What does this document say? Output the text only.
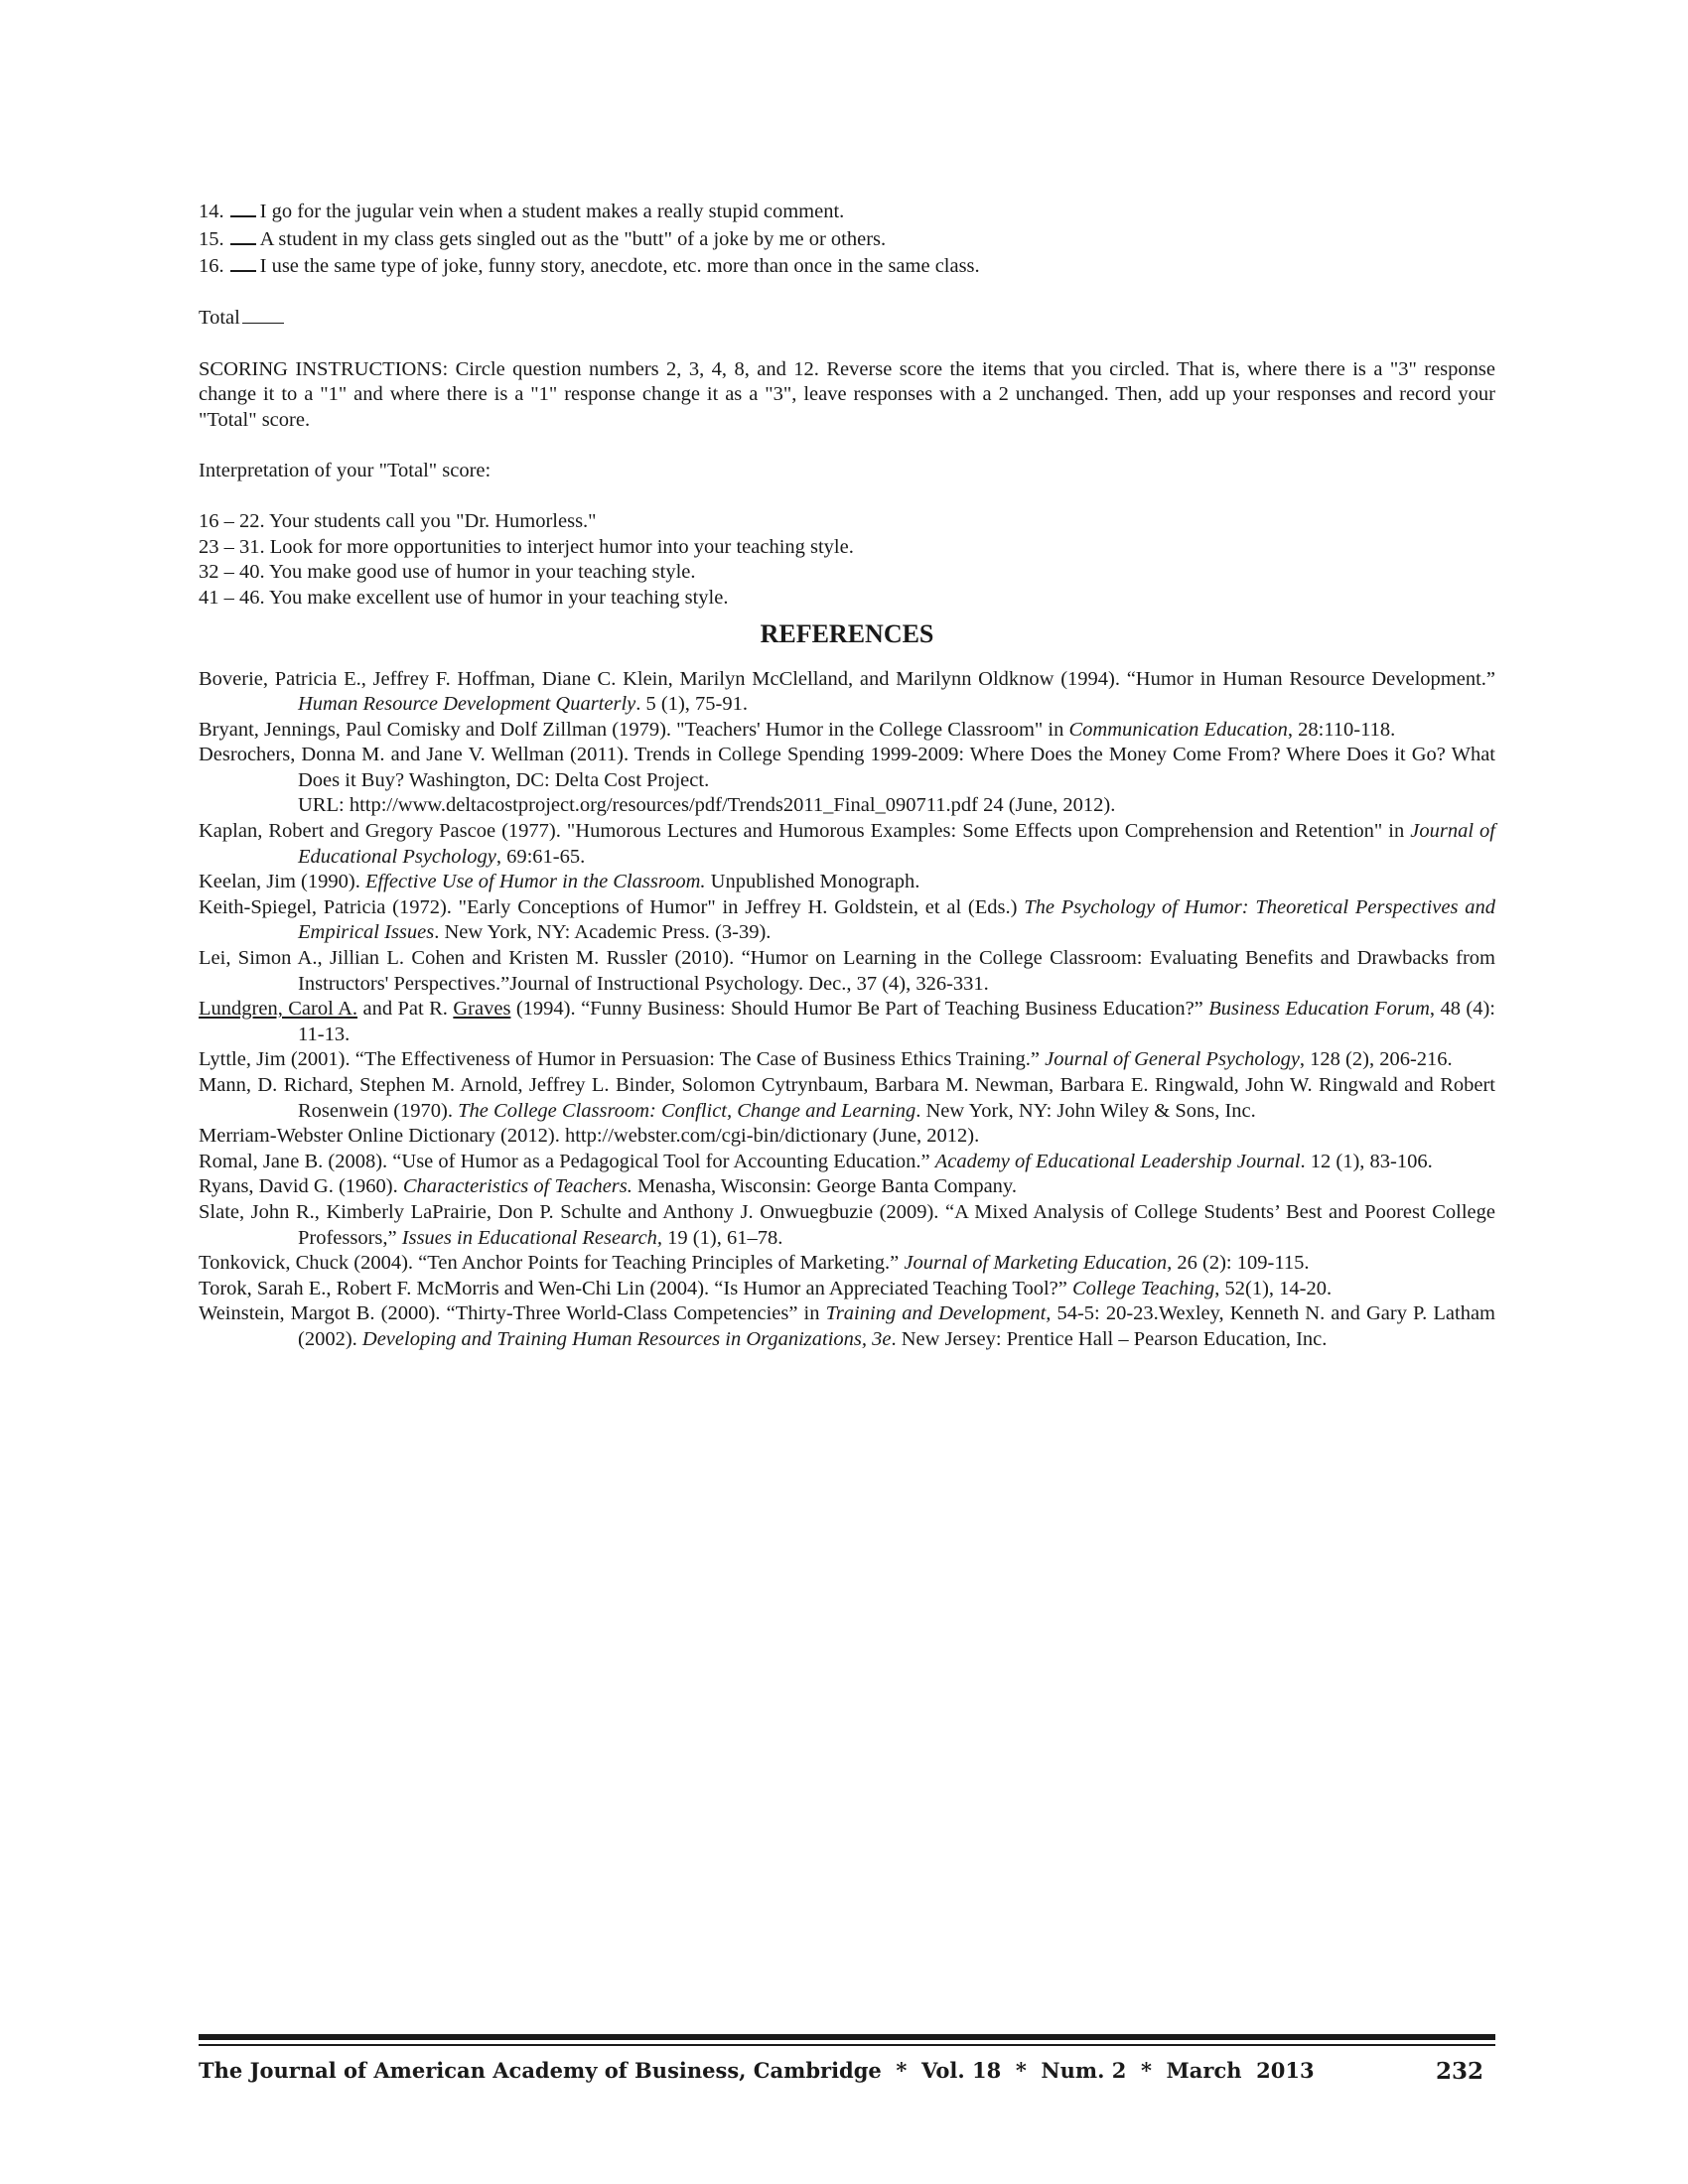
14. I go for the jugular vein when a student makes a really stupid comment.

15. A student in my class gets singled out as the "butt" of a joke by me or others.

16. I use the same type of joke, funny story, anecdote, etc. more than once in the same class.

Total

SCORING INSTRUCTIONS: Circle question numbers 2, 3, 4, 8, and 12. Reverse score the items that you circled. That is, where there is a "3" response change it to a "1" and where there is a "1" response change it as a "3", leave responses with a 2 unchanged. Then, add up your responses and record your "Total" score.

Interpretation of your "Total" score:

16 – 22. Your students call you "Dr. Humorless."

23 – 31. Look for more opportunities to interject humor into your teaching style.

32 – 40. You make good use of humor in your teaching style.

41 – 46. You make excellent use of humor in your teaching style.

REFERENCES

Boverie, Patricia E., Jeffrey F. Hoffman, Diane C. Klein, Marilyn McClelland, and Marilynn Oldknow (1994). “Humor in Human Resource Development.” Human Resource Development Quarterly. 5 (1), 75-91.

Bryant, Jennings, Paul Comisky and Dolf Zillman (1979). "Teachers' Humor in the College Classroom" in Communication Education, 28:110-118.

Desrochers, Donna M. and Jane V. Wellman (2011). Trends in College Spending 1999-2009: Where Does the Money Come From? Where Does it Go? What Does it Buy? Washington, DC: Delta Cost Project.
URL: http://www.deltacostproject.org/resources/pdf/Trends2011_Final_090711.pdf 24 (June, 2012).

Kaplan, Robert and Gregory Pascoe (1977). "Humorous Lectures and Humorous Examples: Some Effects upon Comprehension and Retention" in Journal of Educational Psychology, 69:61-65.

Keelan, Jim (1990). Effective Use of Humor in the Classroom. Unpublished Monograph.

Keith-Spiegel, Patricia (1972). "Early Conceptions of Humor" in Jeffrey H. Goldstein, et al (Eds.) The Psychology of Humor: Theoretical Perspectives and Empirical Issues. New York, NY: Academic Press. (3-39).

Lei, Simon A., Jillian L. Cohen and Kristen M. Russler (2010). “Humor on Learning in the College Classroom: Evaluating Benefits and Drawbacks from Instructors' Perspectives.”Journal of Instructional Psychology. Dec., 37 (4), 326-331.

Lundgren, Carol A. and Pat R. Graves (1994). “Funny Business: Should Humor Be Part of Teaching Business Education?” Business Education Forum, 48 (4): 11-13.

Lyttle, Jim (2001). “The Effectiveness of Humor in Persuasion: The Case of Business Ethics Training.” Journal of General Psychology, 128 (2), 206-216.

Mann, D. Richard, Stephen M. Arnold, Jeffrey L. Binder, Solomon Cytrynbaum, Barbara M. Newman, Barbara E. Ringwald, John W. Ringwald and Robert Rosenwein (1970). The College Classroom: Conflict, Change and Learning. New York, NY: John Wiley & Sons, Inc.

Merriam-Webster Online Dictionary (2012). http://webster.com/cgi-bin/dictionary (June, 2012).

Romal, Jane B. (2008). “Use of Humor as a Pedagogical Tool for Accounting Education.” Academy of Educational Leadership Journal. 12 (1), 83-106.

Ryans, David G. (1960). Characteristics of Teachers. Menasha, Wisconsin: George Banta Company.

Slate, John R., Kimberly LaPrairie, Don P. Schulte and Anthony J. Onwuegbuzie (2009). “A Mixed Analysis of College Students’ Best and Poorest College Professors,” Issues in Educational Research, 19 (1), 61–78.

Tonkovick, Chuck (2004). “Ten Anchor Points for Teaching Principles of Marketing.” Journal of Marketing Education, 26 (2): 109-115.

Torok, Sarah E., Robert F. McMorris and Wen-Chi Lin (2004). “Is Humor an Appreciated Teaching Tool?” College Teaching, 52(1), 14-20.

Weinstein, Margot B. (2000). “Thirty-Three World-Class Competencies” in Training and Development, 54-5: 20-23.Wexley, Kenneth N. and Gary P. Latham (2002). Developing and Training Human Resources in Organizations, 3e. New Jersey: Prentice Hall – Pearson Education, Inc.

The Journal of American Academy of Business, Cambridge  *  Vol. 18  *  Num. 2  *  March  2013	232
